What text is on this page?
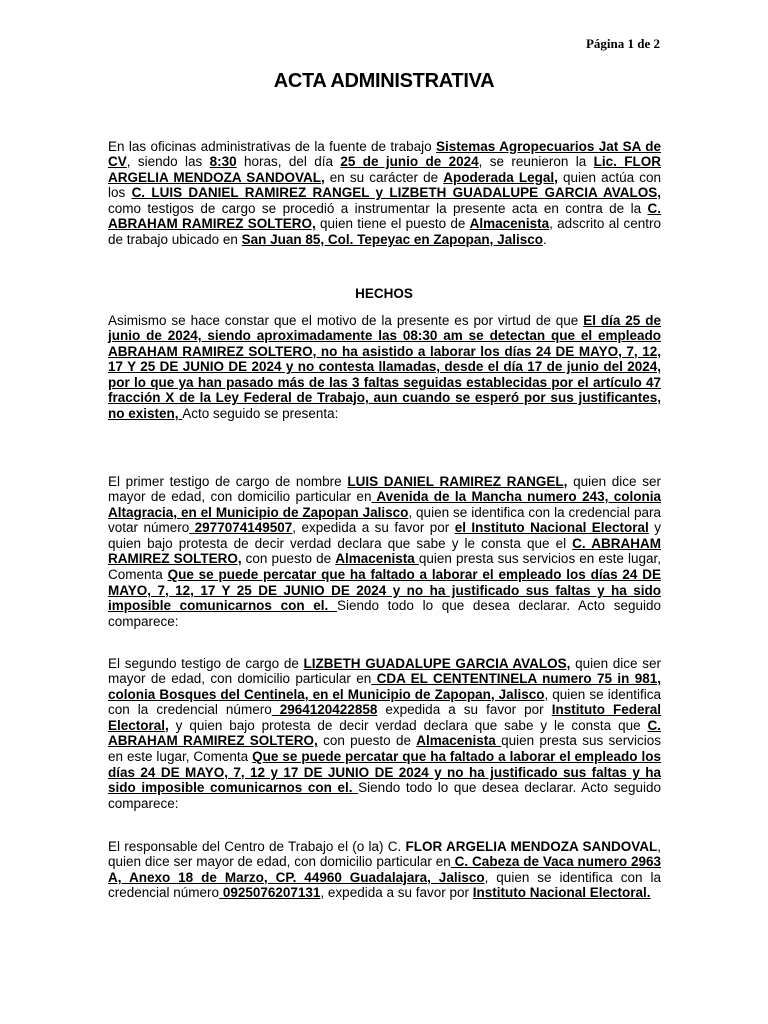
Página 1 de 2
ACTA ADMINISTRATIVA

En las oficinas administrativas de la fuente de trabajo Sistemas Agropecuarios Jat SA de CV, siendo las 8:30 horas, del día 25 de junio de 2024, se reunieron la Lic. FLOR ARGELIA MENDOZA SANDOVAL, en su carácter de Apoderada Legal, quien actúa con los C. LUIS DANIEL RAMIREZ RANGEL y LIZBETH GUADALUPE GARCIA AVALOS, como testigos de cargo se procedió a instrumentar la presente acta en contra de la C. ABRAHAM RAMIREZ SOLTERO, quien tiene el puesto de Almacenista, adscrito al centro de trabajo ubicado en San Juan 85, Col. Tepeyac en Zapopan, Jalisco.

HECHOS

Asimismo se hace constar que el motivo de la presente es por virtud de que El día 25 de junio de 2024, siendo aproximadamente las 08:30 am se detectan que el empleado ABRAHAM RAMIREZ SOLTERO, no ha asistido a laborar los días 24 DE MAYO, 7, 12, 17 Y 25 DE JUNIO DE 2024 y no contesta llamadas, desde el día 17 de junio del 2024, por lo que ya han pasado más de las 3 faltas seguidas establecidas por el artículo 47 fracción X de la Ley Federal de Trabajo, aun cuando se esperó por sus justificantes, no existen, Acto seguido se presenta:

El primer testigo de cargo de nombre LUIS DANIEL RAMIREZ RANGEL, quien dice ser mayor de edad, con domicilio particular en Avenida de la Mancha numero 243, colonia Altagracia, en el Municipio de Zapopan Jalisco, quien se identifica con la credencial para votar número 2977074149507, expedida a su favor por el Instituto Nacional Electoral y quien bajo protesta de decir verdad declara que sabe y le consta que el C. ABRAHAM RAMIREZ SOLTERO, con puesto de Almacenista quien presta sus servicios en este lugar, Comenta Que se puede percatar que ha faltado a laborar el empleado los días 24 DE MAYO, 7, 12, 17 Y 25 DE JUNIO DE 2024 y no ha justificado sus faltas y ha sido imposible comunicarnos con el. Siendo todo lo que desea declarar. Acto seguido comparece:

El segundo testigo de cargo de LIZBETH GUADALUPE GARCIA AVALOS, quien dice ser mayor de edad, con domicilio particular en CDA EL CENTENTINELA numero 75 in 981, colonia Bosques del Centinela, en el Municipio de Zapopan, Jalisco, quien se identifica con la credencial número 2964120422858 expedida a su favor por Instituto Federal Electoral, y quien bajo protesta de decir verdad declara que sabe y le consta que C. ABRAHAM RAMIREZ SOLTERO, con puesto de Almacenista quien presta sus servicios en este lugar, Comenta Que se puede percatar que ha faltado a laborar el empleado los días 24 DE MAYO, 7, 12 y 17 DE JUNIO DE 2024 y no ha justificado sus faltas y ha sido imposible comunicarnos con el. Siendo todo lo que desea declarar. Acto seguido comparece:

El responsable del Centro de Trabajo el (o la) C. FLOR ARGELIA MENDOZA SANDOVAL, quien dice ser mayor de edad, con domicilio particular en C. Cabeza de Vaca numero 2963 A, Anexo 18 de Marzo, CP. 44960 Guadalajara, Jalisco, quien se identifica con la credencial número 0925076207131, expedida a su favor por Instituto Nacional Electoral.
